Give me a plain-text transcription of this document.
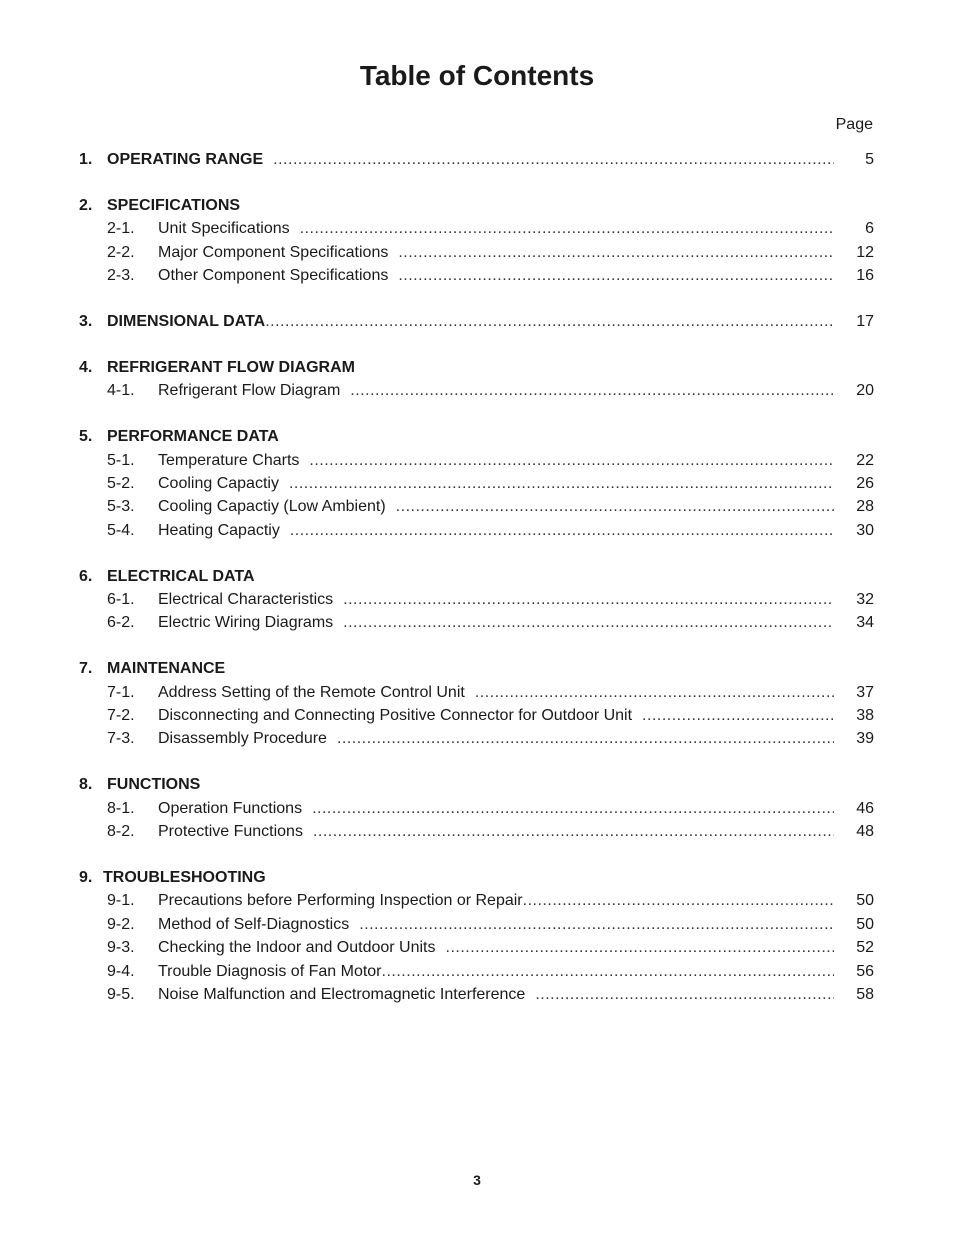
Table of Contents
Page
1. OPERATING RANGE .....	5
2. SPECIFICATIONS
2-1.	Unit Specifications .....	6
2-2.	Major Component Specifications .....	12
2-3.	Other Component Specifications .....	16
3. DIMENSIONAL DATA .....	17
4. REFRIGERANT FLOW DIAGRAM
4-1.	Refrigerant Flow Diagram .....	20
5. PERFORMANCE DATA
5-1.	Temperature Charts .....	22
5-2.	Cooling Capactiy .....	26
5-3.	Cooling Capactiy (Low Ambient) .....	28
5-4.	Heating Capactiy .....	30
6. ELECTRICAL DATA
6-1.	Electrical Characteristics .....	32
6-2.	Electric Wiring Diagrams .....	34
7. MAINTENANCE
7-1.	Address Setting of the Remote Control Unit .....	37
7-2.	Disconnecting and Connecting Positive Connector for Outdoor Unit .....	38
7-3.	Disassembly Procedure .....	39
8. FUNCTIONS
8-1.	Operation Functions .....	46
8-2.	Protective Functions .....	48
9. TROUBLESHOOTING
9-1.	Precautions before Performing Inspection or Repair .....	50
9-2.	Method of Self-Diagnostics .....	50
9-3.	Checking the Indoor and Outdoor Units .....	52
9-4.	Trouble Diagnosis of Fan Motor .....	56
9-5.	Noise Malfunction and Electromagnetic Interference .....	58
3
